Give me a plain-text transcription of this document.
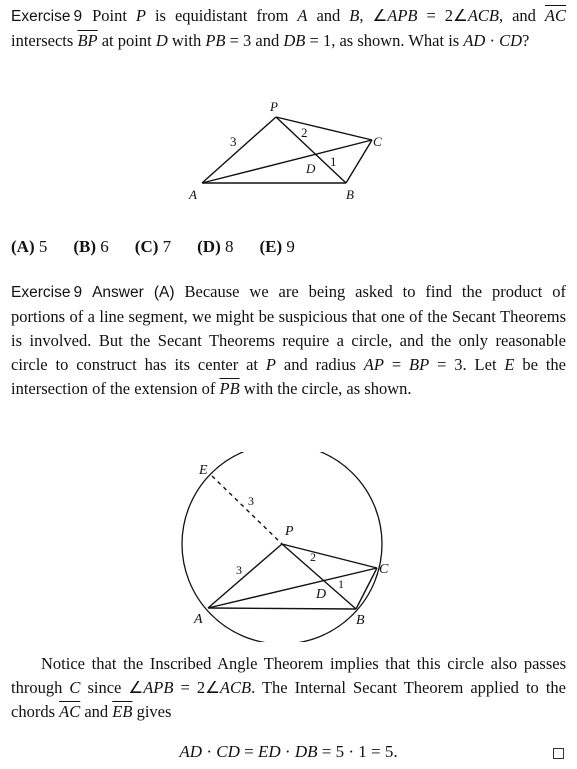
Exercise 9 Point P is equidistant from A and B, ∠APB = 2∠ACB, and $\overline{AC}$ intersects $\overline{BP}$ at point D with PB = 3 and DB = 1, as shown. What is AD · CD?
P
A	B
C
D
3
2
1
(A) 5 (B) 6 (C) 7 (D) 8 (E) 9
Exercise 9 Answer (A) Because we are being asked to find the product of portions of a line segment, we might be suspicious that one of the Secant Theorems is involved. But the Secant Theorems require a circle, and the only reasonable circle to construct has its center at P and radius AP = BP = 3. Let E be the intersection of the extension of $\overline{PB}$ with the circle, as shown.
E
P
A	B
C
D
3
3
2
1
Notice that the Inscribed Angle Theorem implies that this circle also passes through C since ∠APB = 2∠ACB. The Internal Secant Theorem applied to the chords $\overline{AC}$ and $\overline{EB}$ gives
AD · CD = ED · DB = 5 · 1 = 5.
